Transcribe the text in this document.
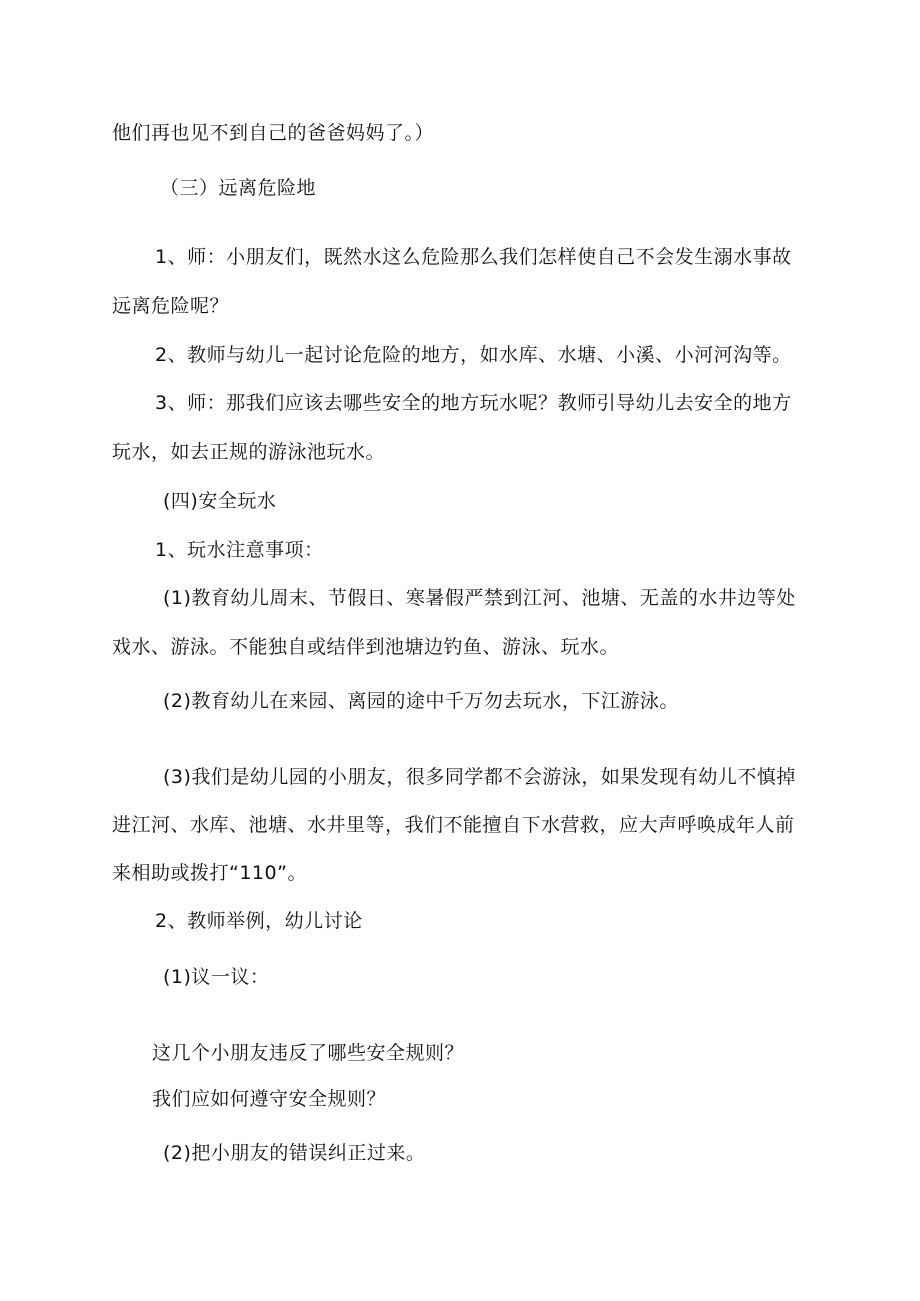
他们再也见不到自己的爸爸妈妈了。）

（三）远离危险地

1、师：小朋友们，既然水这么危险那么我们怎样使自己不会发生溺水事故

远离危险呢？

2、教师与幼儿一起讨论危险的地方，如水库、水塘、小溪、小河河沟等。

3、师：那我们应该去哪些安全的地方玩水呢？教师引导幼儿去安全的地方

玩水，如去正规的游泳池玩水。

(四)安全玩水

1、玩水注意事项：

(1)教育幼儿周末、节假日、寒暑假严禁到江河、池塘、无盖的水井边等处

戏水、游泳。不能独自或结伴到池塘边钓鱼、游泳、玩水。

(2)教育幼儿在来园、离园的途中千万勿去玩水，下江游泳。

(3)我们是幼儿园的小朋友，很多同学都不会游泳，如果发现有幼儿不慎掉

进江河、水库、池塘、水井里等，我们不能擅自下水营救，应大声呼唤成年人前

来相助或拨打“110”。

2、教师举例，幼儿讨论

(1)议一议：

这几个小朋友违反了哪些安全规则？

我们应如何遵守安全规则？

(2)把小朋友的错误纠正过来。
